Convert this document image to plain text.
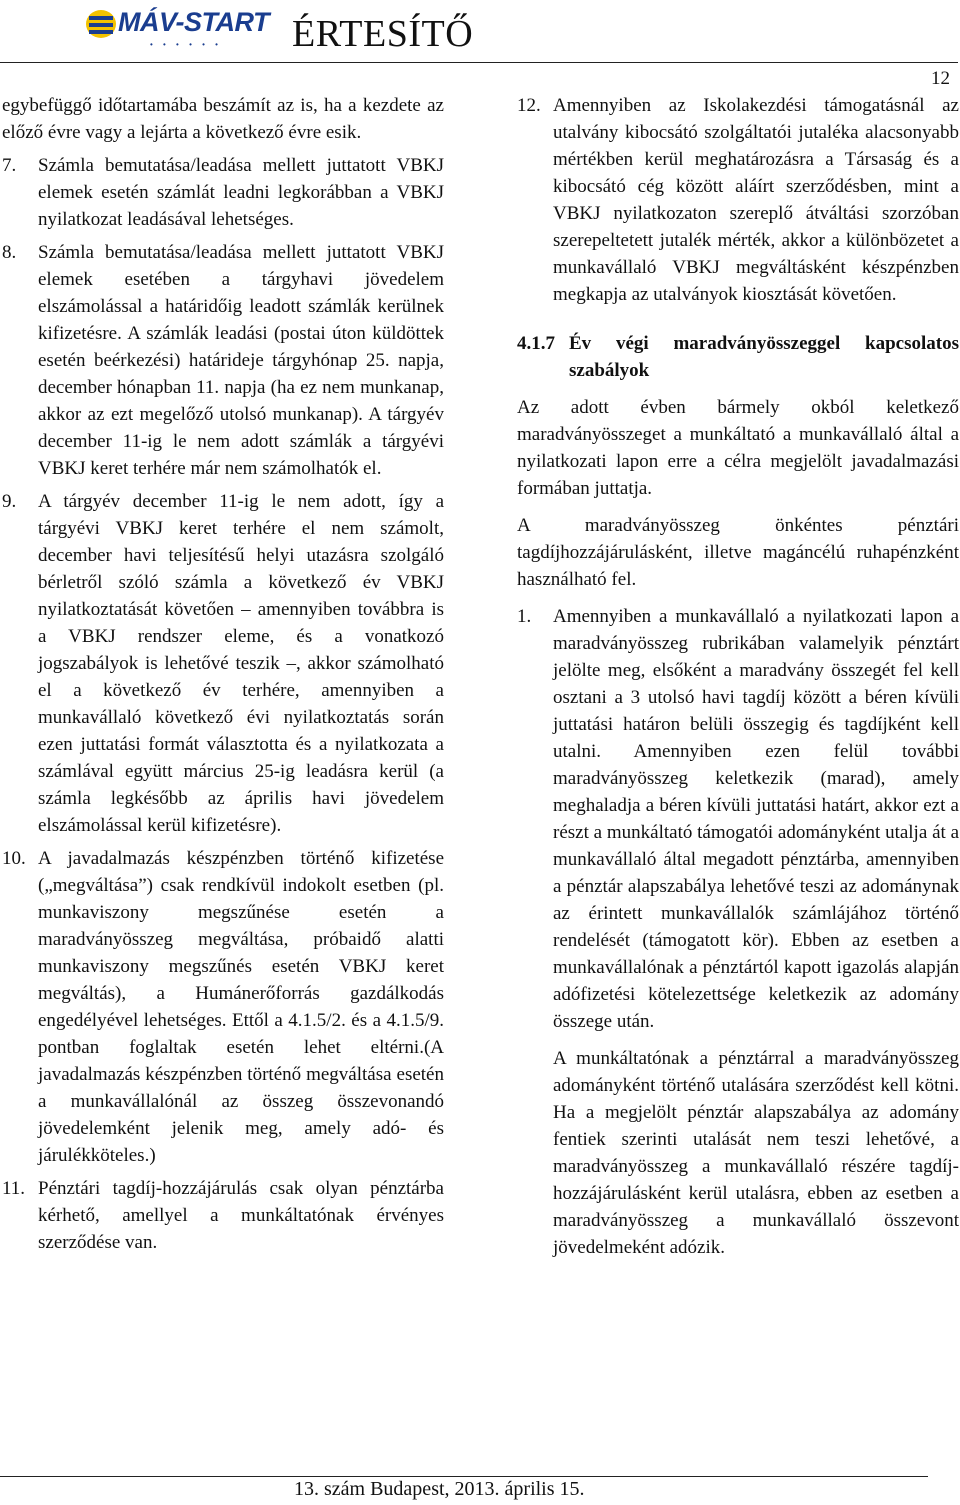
MÁV-START
• • • • • • ÉRTESÍTŐ
12

egybefüggő időtartamába beszámít az is, ha a kezdete az előző évre vagy a lejárta a következő évre esik.

7.	Számla bemutatása/leadása mellett juttatott VBKJ elemek esetén számlát leadni legkorábban a VBKJ nyilatkozat leadásával lehetséges.
8.	Számla bemutatása/leadása mellett juttatott VBKJ elemek esetében a tárgyhavi jövedelem elszámolással a határidőig leadott számlák kerülnek kifizetésre. A számlák leadási (postai úton küldöttek esetén beérkezési) határideje tárgyhónap 25. napja, december hónapban 11. napja (ha ez nem munkanap, akkor az ezt megelőző utolsó munkanap). A tárgyév december 11-ig le nem adott számlák a tárgyévi VBKJ keret terhére már nem számolhatók el.
9.	A tárgyév december 11-ig le nem adott, így a tárgyévi VBKJ keret terhére el nem számolt, december havi teljesítésű helyi utazásra szolgáló bérletről szóló számla a következő év VBKJ nyilatkoztatását követően – amennyiben továbbra is a VBKJ rendszer eleme, és a vonatkozó jogszabályok is lehetővé teszik –, akkor számolható el a következő év terhére, amennyiben a munkavállaló következő évi nyilatkoztatás során ezen juttatási formát választotta és a nyilatkozata a számlával együtt március 25-ig leadásra kerül (a számla legkésőbb az április havi jövedelem elszámolással kerül kifizetésre).
10. A javadalmazás készpénzben történő kifizetése („megváltása”) csak rendkívül indokolt esetben (pl. munkaviszony megszűnése esetén a maradványösszeg megváltása, próbaidő alatti munkaviszony megszűnés esetén VBKJ keret megváltás), a Humánerőforrás gazdálkodás engedélyével lehetséges. Ettől a 4.1.5/2. és a 4.1.5/9. pontban foglaltak esetén lehet eltérni.(A javadalmazás készpénzben történő megváltása esetén a munkavállalónál az összeg összevonandó jövedelemként jelenik meg, amely adó- és járulékköteles.)
11. Pénztári tagdíj-hozzájárulás csak olyan pénztárba kérhető, amellyel a munkáltatónak érvényes szerződése van.
12. Amennyiben az Iskolakezdési támogatásnál az utalvány kibocsátó szolgáltatói jutaléka alacsonyabb mértékben kerül meghatározásra a Társaság és a kibocsátó cég között aláírt szerződésben, mint a VBKJ nyilatkozaton szereplő átváltási szorzóban szerepeltetett jutalék mérték, akkor a különbözetet a munkavállaló VBKJ megváltásként készpénzben megkapja az utalványok kiosztását követően.
4.1.7 Év végi maradványösszeggel kapcsolatos szabályok

Az adott évben bármely okból keletkező maradványösszeget a munkáltató a munkavállaló által a nyilatkozati lapon erre a célra megjelölt javadalmazási formában juttatja.

A maradványösszeg önkéntes pénztári tagdíjhozzájárulásként, illetve magáncélú ruhapénzként használható fel.

1.	Amennyiben a munkavállaló a nyilatkozati lapon a maradványösszeg rubrikában valamelyik pénztárt jelölte meg, elsőként a maradvány összegét fel kell osztani a 3 utolsó havi tagdíj között a béren kívüli juttatási határon belüli összegig és tagdíjként kell utalni. Amennyiben ezen felül további maradványösszeg keletkezik (marad), amely meghaladja a béren kívüli juttatási határt, akkor ezt a részt a munkáltató támogatói adományként utalja át a munkavállaló által megadott pénztárba, amennyiben a pénztár alapszabálya lehetővé teszi az adománynak az érintett munkavállalók számlájához történő rendelését (támogatott kör). Ebben az esetben a munkavállalónak a pénztártól kapott igazolás alapján adófizetési kötelezettsége keletkezik az adomány összege után.

A munkáltatónak a pénztárral a maradványösszeg adományként történő utalására szerződést kell kötni. Ha a megjelölt pénztár alapszabálya az adomány fentiek szerinti utalását nem teszi lehetővé, a maradványösszeg a munkavállaló részére tagdíj-hozzájárulásként kerül utalásra, ebben az esetben a maradványösszeg a munkavállaló összevont jövedelmeként adózik.

13. szám Budapest, 2013. április 15.
